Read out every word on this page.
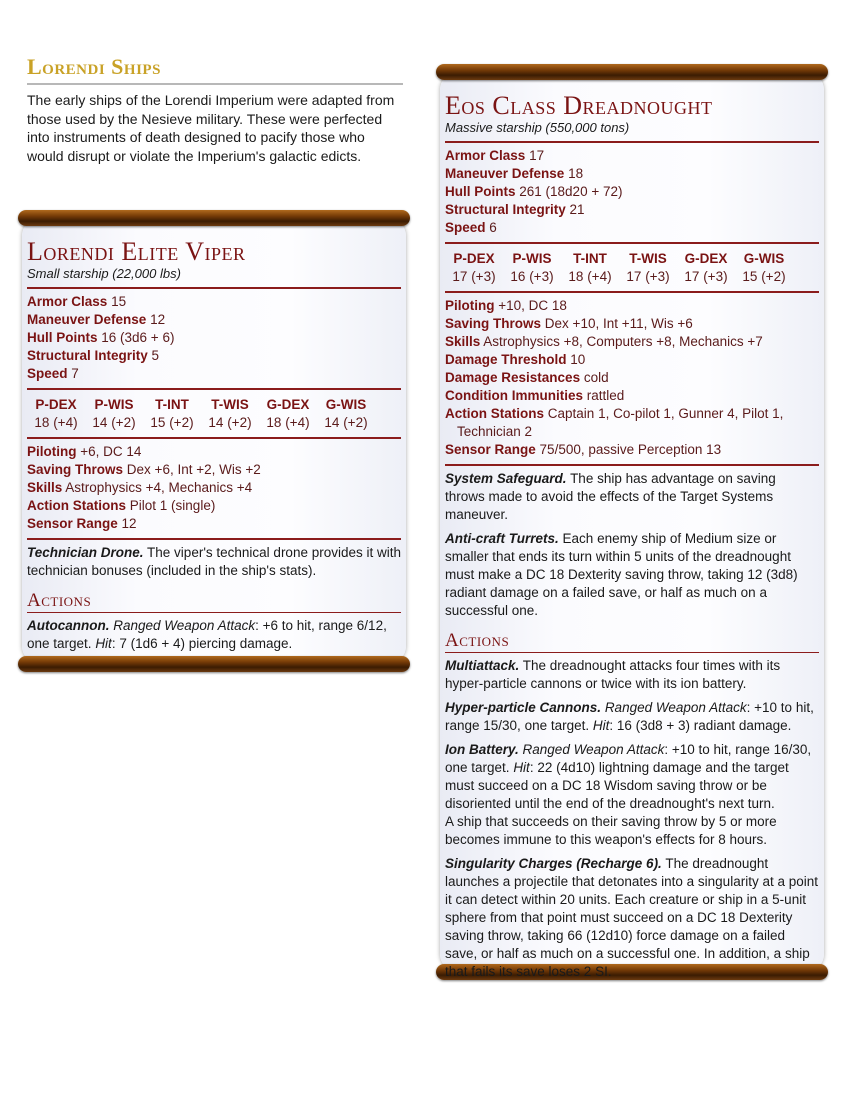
Lorendi Ships

The early ships of the Lorendi Imperium were adapted from those used by the Nesieve military. These were perfected into instruments of death designed to pacify those who would disrupt or violate the Imperium's galactic edicts.

Lorendi Elite Viper
Small starship (22,000 lbs)
Armor Class 15
Maneuver Defense 12
Hull Points 16 (3d6 + 6)
Structural Integrity 5
Speed 7
P-DEX
18 (+4)
P-WIS
14 (+2)
T-INT
15 (+2)
T-WIS
14 (+2)
G-DEX
18 (+4)
G-WIS
14 (+2)
Piloting +6, DC 14
Saving Throws Dex +6, Int +2, Wis +2
Skills Astrophysics +4, Mechanics +4
Action Stations Pilot 1 (single)
Sensor Range 12

Technician Drone. The viper's technical drone provides it with technician bonuses (included in the ship's stats).

Actions

Autocannon. Ranged Weapon Attack: +6 to hit, range 6/12, one target. Hit: 7 (1d6 + 4) piercing damage.

Eos Class Dreadnought
Massive starship (550,000 tons)
Armor Class 17
Maneuver Defense 18
Hull Points 261 (18d20 + 72)
Structural Integrity 21
Speed 6
P-DEX
17 (+3)
P-WIS
16 (+3)
T-INT
18 (+4)
T-WIS
17 (+3)
G-DEX
17 (+3)
G-WIS
15 (+2)
Piloting +10, DC 18
Saving Throws Dex +10, Int +11, Wis +6
Skills Astrophysics +8, Computers +8, Mechanics +7
Damage Threshold 10
Damage Resistances cold
Condition Immunities rattled
Action Stations Captain 1, Co-pilot 1, Gunner 4, Pilot 1, Technician 2
Sensor Range 75/500, passive Perception 13

System Safeguard. The ship has advantage on saving throws made to avoid the effects of the Target Systems maneuver.

Anti-craft Turrets. Each enemy ship of Medium size or smaller that ends its turn within 5 units of the dreadnought must make a DC 18 Dexterity saving throw, taking 12 (3d8) radiant damage on a failed save, or half as much on a successful one.

Actions

Multiattack. The dreadnought attacks four times with its hyper-particle cannons or twice with its ion battery.

Hyper-particle Cannons. Ranged Weapon Attack: +10 to hit, range 15/30, one target. Hit: 16 (3d8 + 3) radiant damage.

Ion Battery. Ranged Weapon Attack: +10 to hit, range 16/30, one target. Hit: 22 (4d10) lightning damage and the target must succeed on a DC 18 Wisdom saving throw or be disoriented until the end of the dreadnought's next turn.
A ship that succeeds on their saving throw by 5 or more becomes immune to this weapon's effects for 8 hours.

Singularity Charges (Recharge 6). The dreadnought launches a projectile that detonates into a singularity at a point it can detect within 20 units. Each creature or ship in a 5-unit sphere from that point must succeed on a DC 18 Dexterity saving throw, taking 66 (12d10) force damage on a failed save, or half as much on a successful one. In addition, a ship that fails its save loses 2 SI.
